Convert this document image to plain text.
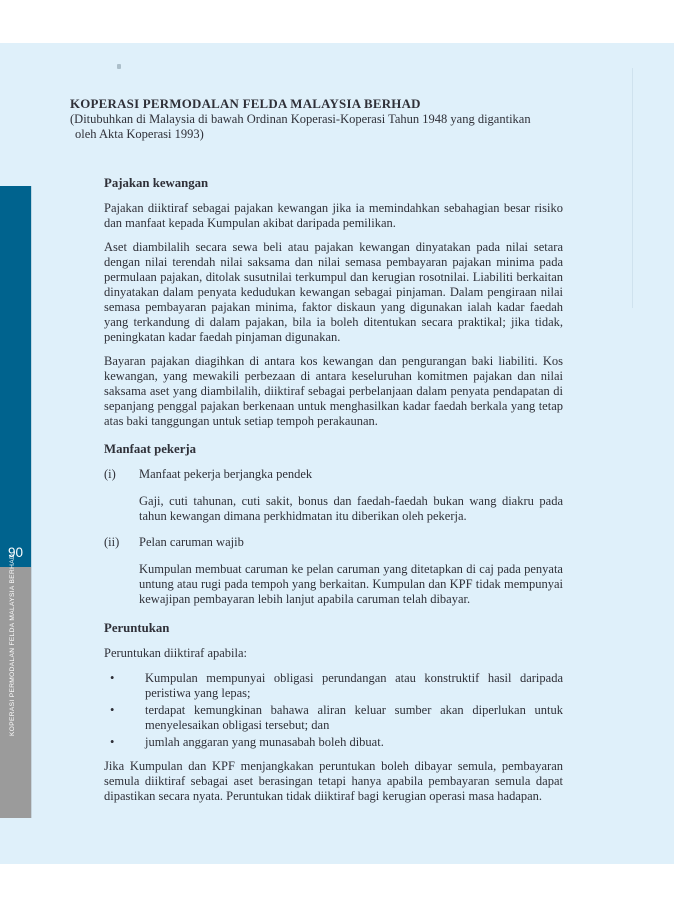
90
KOPERASI PERMODALAN FELDA MALAYSIA BERHAD
KOPERASI PERMODALAN FELDA MALAYSIA BERHAD
(Ditubuhkan di Malaysia di bawah Ordinan Koperasi-Koperasi Tahun 1948 yang digantikan
oleh Akta Koperasi 1993)
Pajakan kewangan

Pajakan diiktiraf sebagai pajakan kewangan jika ia memindahkan sebahagian besar risiko dan manfaat kepada Kumpulan akibat daripada pemilikan.

Aset diambilalih secara sewa beli atau pajakan kewangan dinyatakan pada nilai setara dengan nilai terendah nilai saksama dan nilai semasa pembayaran pajakan minima pada permulaan pajakan, ditolak susutnilai terkumpul dan kerugian rosotnilai. Liabiliti berkaitan dinyatakan dalam penyata kedudukan kewangan sebagai pinjaman. Dalam pengiraan nilai semasa pembayaran pajakan minima, faktor diskaun yang digunakan ialah kadar faedah yang terkandung di dalam pajakan, bila ia boleh ditentukan secara praktikal; jika tidak, peningkatan kadar faedah pinjaman digunakan.

Bayaran pajakan diagihkan di antara kos kewangan dan pengurangan baki liabiliti. Kos kewangan, yang mewakili perbezaan di antara keseluruhan komitmen pajakan dan nilai saksama aset yang diambilalih, diiktiraf sebagai perbelanjaan dalam penyata pendapatan di sepanjang penggal pajakan berkenaan untuk menghasilkan kadar faedah berkala yang tetap atas baki tanggungan untuk setiap tempoh perakaunan.

Manfaat pekerja
(i)	Manfaat pekerja berjangka pendek

Gaji, cuti tahunan, cuti sakit, bonus dan faedah-faedah bukan wang diakru pada tahun kewangan dimana perkhidmatan itu diberikan oleh pekerja.

(ii)	Pelan caruman wajib

Kumpulan membuat caruman ke pelan caruman yang ditetapkan di caj pada penyata untung atau rugi pada tempoh yang berkaitan. Kumpulan dan KPF tidak mempunyai kewajipan pembayaran lebih lanjut apabila caruman telah dibayar.

Peruntukan

Peruntukan diiktiraf apabila:

•	Kumpulan mempunyai obligasi perundangan atau konstruktif hasil daripada peristiwa yang lepas;
•	terdapat kemungkinan bahawa aliran keluar sumber akan diperlukan untuk menyelesaikan obligasi tersebut; dan
•	jumlah anggaran yang munasabah boleh dibuat.

Jika Kumpulan dan KPF menjangkakan peruntukan boleh dibayar semula, pembayaran semula diiktiraf sebagai aset berasingan tetapi hanya apabila pembayaran semula dapat dipastikan secara nyata. Peruntukan tidak diiktiraf bagi kerugian operasi masa hadapan.
